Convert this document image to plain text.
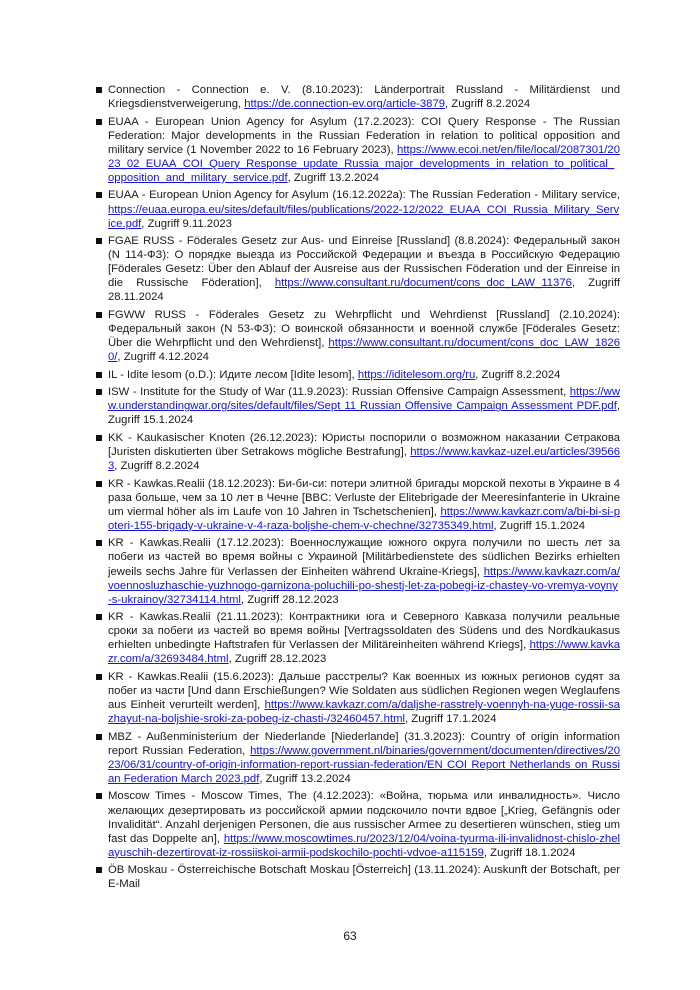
Connection - Connection e. V. (8.10.2023): Länderportrait Russland - Militärdienst und Kriegsdienstverweigerung, https://de.connection-ev.org/article-3879, Zugriff 8.2.2024
EUAA - European Union Agency for Asylum (17.2.2023): COI Query Response - The Russian Federation: Major developments in the Russian Federation in relation to political opposition and military service (1 November 2022 to 16 February 2023), https://www.ecoi.net/en/file/local/2087301/2023_02_EUAA_COI_Query_Response_update_Russia_major_developments_in_relation_to_political_opposition_and_military_service.pdf, Zugriff 13.2.2024
EUAA - European Union Agency for Asylum (16.12.2022a): The Russian Federation - Military service, https://euaa.europa.eu/sites/default/files/publications/2022-12/2022_EUAA_COI_Russia_Military_Service.pdf, Zugriff 9.11.2023
FGAE RUSS - Föderales Gesetz zur Aus- und Einreise [Russland] (8.8.2024): Федеральный закон (N 114-ФЗ): О порядке выезда из Российской Федерации и въезда в Российскую Федерацию [Föderales Gesetz: Über den Ablauf der Ausreise aus der Russischen Föderation und der Einreise in die Russische Föderation], https://www.consultant.ru/document/cons_doc_LAW_11376, Zugriff 28.11.2024
FGWW RUSS - Föderales Gesetz zu Wehrpflicht und Wehrdienst [Russland] (2.10.2024): Федеральный закон (N 53-ФЗ): О воинской обязанности и военной службе [Föderales Gesetz: Über die Wehrpflicht und den Wehrdienst], https://www.consultant.ru/document/cons_doc_LAW_18260/, Zugriff 4.12.2024
IL - Idite lesom (o.D.): Идите лесом [Idite lesom], https://iditelesom.org/ru, Zugriff 8.2.2024
ISW - Institute for the Study of War (11.9.2023): Russian Offensive Campaign Assessment, https://www.understandingwar.org/sites/default/files/Sept 11 Russian Offensive Campaign Assessment PDF.pdf, Zugriff 15.1.2024
KK - Kaukasischer Knoten (26.12.2023): Юристы поспорили о возможном наказании Сетракова [Juristen diskutierten über Setrakows mögliche Bestrafung], https://www.kavkaz-uzel.eu/articles/395663, Zugriff 8.2.2024
KR - Kawkas.Realii (18.12.2023): Би-би-си: потери элитной бригады морской пехоты в Украине в 4 раза больше, чем за 10 лет в Чечне [BBC: Verluste der Elitebrigade der Meeresinfanterie in Ukraine um viermal höher als im Laufe von 10 Jahren in Tschetschenien], https://www.kavkazr.com/a/bi-bi-si-poteri-155-brigady-v-ukraine-v-4-raza-boljshe-chem-v-chechne/32735349.html, Zugriff 15.1.2024
KR - Kawkas.Realii (17.12.2023): Военнослужащие южного округа получили по шесть лет за побеги из частей во время войны с Украиной [Militärbedienstete des südlichen Bezirks erhielten jeweils sechs Jahre für Verlassen der Einheiten während Ukraine-Kriegs], https://www.kavkazr.com/a/voennosluzhaschie-yuzhnogo-garnizona-poluchili-po-shestj-let-za-pobegi-iz-chastey-vo-vremya-voyny-s-ukrainoy/32734114.html, Zugriff 28.12.2023
KR - Kawkas.Realii (21.11.2023): Контрактники юга и Северного Кавказа получили реальные сроки за побеги из частей во время войны [Vertragssoldaten des Südens und des Nordkaukasus erhielten unbedingte Haftstrafen für Verlassen der Militäreinheiten während Kriegs], https://www.kavkazr.com/a/32693484.html, Zugriff 28.12.2023
KR - Kawkas.Realii (15.6.2023): Дальше расстрелы? Как военных из южных регионов судят за побег из части [Und dann Erschießungen? Wie Soldaten aus südlichen Regionen wegen Weglaufens aus Einheit verurteilt werden], https://www.kavkazr.com/a/daljshe-rasstrely-voennyh-na-yuge-rossii-sazhayut-na-boljshie-sroki-za-pobeg-iz-chasti-/32460457.html, Zugriff 17.1.2024
MBZ - Außenministerium der Niederlande [Niederlande] (31.3.2023): Country of origin information report Russian Federation, https://www.government.nl/binaries/government/documenten/directives/2023/06/31/country-of-origin-information-report-russian-federation/EN COI Report Netherlands on Russian Federation March 2023.pdf, Zugriff 13.2.2024
Moscow Times - Moscow Times, The (4.12.2023): «Война, тюрьма или инвалидность». Число желающих дезертировать из российской армии подскочило почти вдвое [„Krieg, Gefängnis oder Invalidität“. Anzahl derjenigen Personen, die aus russischer Armee zu desertieren wünschen, stieg um fast das Doppelte an], https://www.moscowtimes.ru/2023/12/04/voina-tyurma-ili-invalidnost-chislo-zhelayuschih-dezertirovat-iz-rossiiskoi-armii-podskochilo-pochti-vdvoe-a115159, Zugriff 18.1.2024
ÖB Moskau - Österreichische Botschaft Moskau [Österreich] (13.11.2024): Auskunft der Botschaft, per E-Mail
63
